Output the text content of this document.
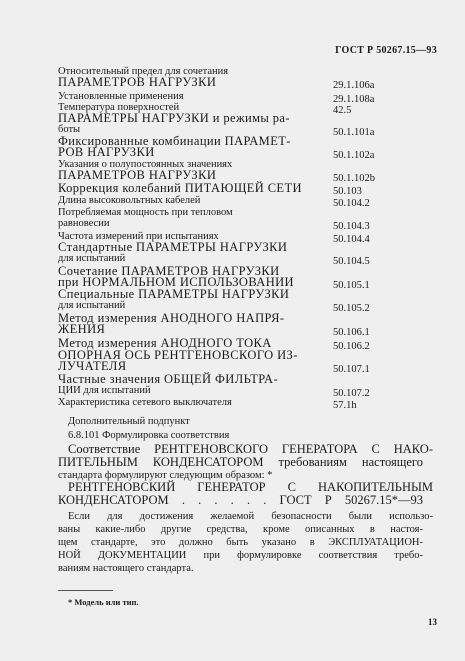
ГОСТ Р 50267.15—93
Относительный предел для сочетания
ПАРАМЕТРОВ НАГРУЗКИ	29.1.106а
Установленные применения	29.1.108а
Температура поверхностей	42.5
ПАРАМЕТРЫ НАГРУЗКИ и режимы ра-
боты	50.1.101а
Фиксированные комбинации ПАРАМЕТ-
РОВ НАГРУЗКИ	50.1.102а
Указания о полупостоянных значениях
ПАРАМЕТРОВ НАГРУЗКИ	50.1.102b
Коррекция колебаний ПИТАЮЩЕЙ СЕТИ	50.103
Длина высоковольтных кабелей	50.104.2
Потребляемая мощность при тепловом
равновесии	50.104.3
Частота измерений при испытаниях	50.104.4
Стандартные ПАРАМЕТРЫ НАГРУЗКИ
для испытаний	50.104.5
Сочетание ПАРАМЕТРОВ НАГРУЗКИ
при НОРМАЛЬНОМ ИСПОЛЬЗОВАНИИ	50.105.1
Специальные ПАРАМЕТРЫ НАГРУЗКИ
для испытаний	50.105.2
Метод измерения АНОДНОГО НАПРЯ-
ЖЕНИЯ	50.106.1
Метод измерения АНОДНОГО ТОКА	50.106.2
ОПОРНАЯ ОСЬ РЕНТГЕНОВСКОГО ИЗ-
ЛУЧАТЕЛЯ	50.107.1
Частные значения ОБЩЕЙ ФИЛЬТРА-
ЦИИ для испытаний	50.107.2
Характеристика сетевого выключателя	57.1h
Дополнительный подпункт
6.8.101 Формулировка соответствия
Соответствие РЕНТГЕНОВСКОГО ГЕНЕРАТОРА С НАКО-
ПИТЕЛЬНЫМ КОНДЕНСАТОРОМ требованиям настоящего
стандарта формулируют следующим образом: *
РЕНТГЕНОВСКИЙ ГЕНЕРАТОР С НАКОПИТЕЛЬНЫМ
КОНДЕНСАТОРОМ . . . . . . ГОСТ Р 50267.15*—93
Если для достижения желаемой безопасности были использо-
ваны какие-либо другие средства, кроме описанных в настоя-
щем стандарте, это должно быть указано в ЭКСПЛУАТАЦИОН-
НОЙ ДОКУМЕНТАЦИИ при формулировке соответствия требо-
ваниям настоящего стандарта.
* Модель или тип.
13
